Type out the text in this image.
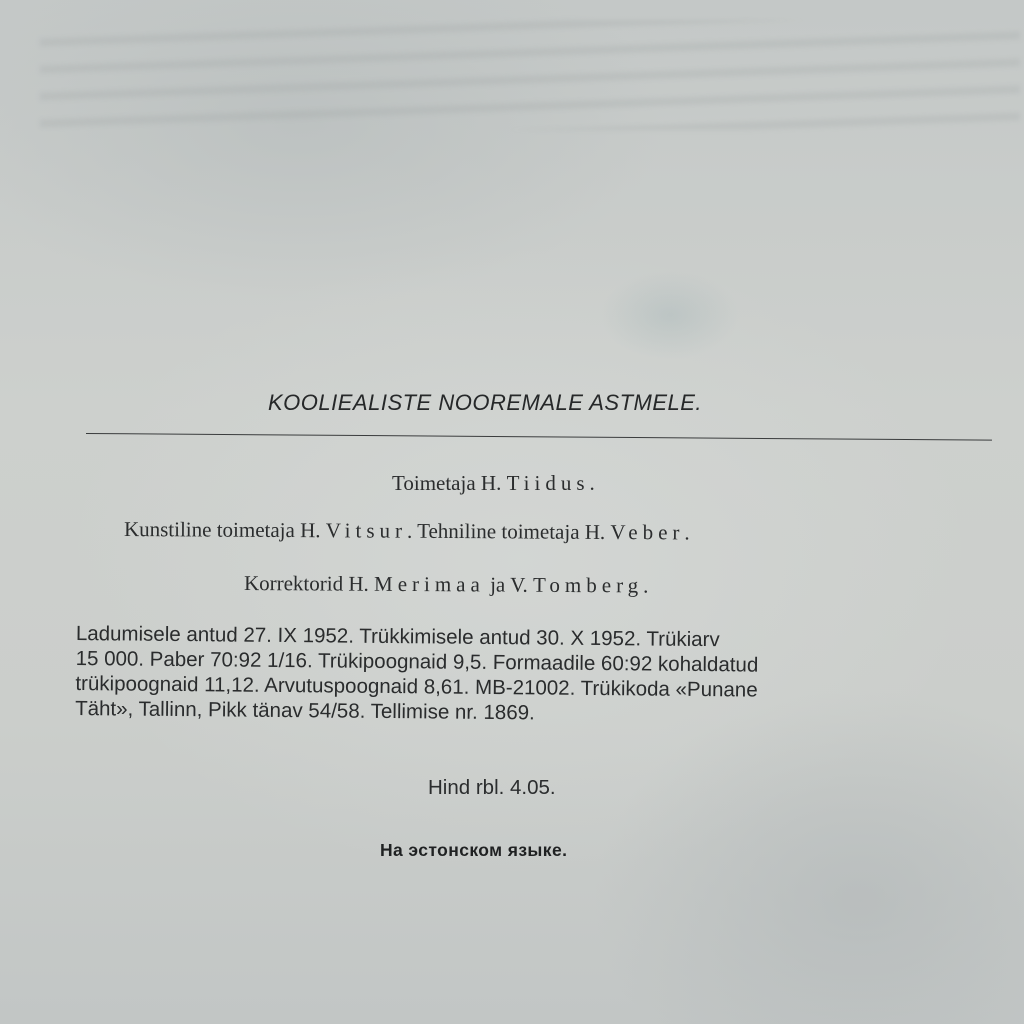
KOOLIEALISTE NOOREMALE ASTMELE.
Toimetaja H. Tiidus.
Kunstiline toimetaja H. Vitsur. Tehniline toimetaja H. Veber.
Korrektorid H. Merimaa ja V. Tomberg.
Ladumisele antud 27. IX 1952. Trükkimisele antud 30. X 1952. Trükiarv
15 000. Paber 70:92 1/16. Trükipoognaid 9,5. Formaadile 60:92 kohaldatud
trükipoognaid 11,12. Arvutuspoognaid 8,61. MB-21002. Trükikoda «Punane
Täht», Tallinn, Pikk tänav 54/58. Tellimise nr. 1869.
Hind rbl. 4.05.
На эстонском языке.
